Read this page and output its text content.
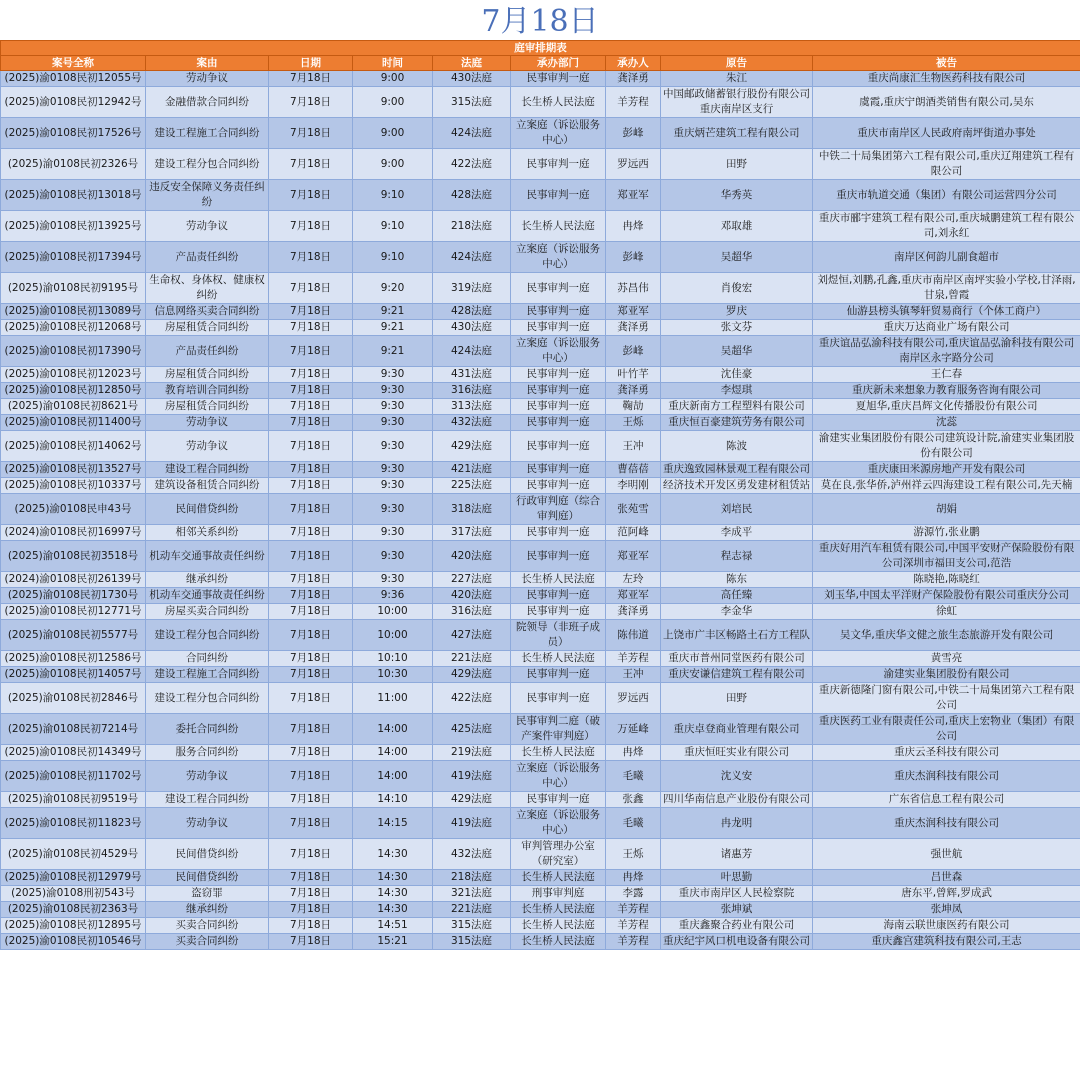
7月18日
庭审排期表								
案号全称	案由	日期	时间	法庭	承办部门	承办人	原告	被告
(2025)渝0108民初12055号	劳动争议	7月18日	9:00	430法庭	民事审判一庭	龚泽勇	朱江	重庆尚康汇生物医药科技有限公司
(2025)渝0108民初12942号	金融借款合同纠纷	7月18日	9:00	315法庭	长生桥人民法庭	羊芳程	中国邮政储蓄银行股份有限公司重庆南岸区支行	虞霞,重庆宁朗酒类销售有限公司,吴东
(2025)渝0108民初17526号	建设工程施工合同纠纷	7月18日	9:00	424法庭	立案庭（诉讼服务中心）	彭峰	重庆炳芒建筑工程有限公司	重庆市南岸区人民政府南坪街道办事处
(2025)渝0108民初2326号	建设工程分包合同纠纷	7月18日	9:00	422法庭	民事审判一庭	罗远西	田野	中铁二十局集团第六工程有限公司,重庆辽翔建筑工程有限公司
(2025)渝0108民初13018号	违反安全保障义务责任纠纷	7月18日	9:10	428法庭	民事审判一庭	郑亚军	华秀英	重庆市轨道交通（集团）有限公司运营四分公司
(2025)渝0108民初13925号	劳动争议	7月18日	9:10	218法庭	长生桥人民法庭	冉烽	邓取雄	重庆市郦宇建筑工程有限公司,重庆城鹏建筑工程有限公司,刘永红
(2025)渝0108民初17394号	产品责任纠纷	7月18日	9:10	424法庭	立案庭（诉讼服务中心）	彭峰	吴超华	南岸区何韵儿副食超市
(2025)渝0108民初9195号	生命权、身体权、健康权纠纷	7月18日	9:20	319法庭	民事审判一庭	苏昌伟	肖俊宏	刘煜恒,刘鹏,孔鑫,重庆市南岸区南坪实验小学校,甘泽雨,甘泉,曾霞
(2025)渝0108民初13089号	信息网络买卖合同纠纷	7月18日	9:21	428法庭	民事审判一庭	郑亚军	罗庆	仙游县榜头镇琴轩贸易商行（个体工商户）
(2025)渝0108民初12068号	房屋租赁合同纠纷	7月18日	9:21	430法庭	民事审判一庭	龚泽勇	张文芬	重庆万达商业广场有限公司
(2025)渝0108民初17390号	产品责任纠纷	7月18日	9:21	424法庭	立案庭（诉讼服务中心）	彭峰	吴超华	重庆谊品弘渝科技有限公司,重庆谊品弘渝科技有限公司南岸区永字路分公司
(2025)渝0108民初12023号	房屋租赁合同纠纷	7月18日	9:30	431法庭	民事审判一庭	叶竹芊	沈佳豪	王仁春
(2025)渝0108民初12850号	教育培训合同纠纷	7月18日	9:30	316法庭	民事审判一庭	龚泽勇	李煜琪	重庆新未来想象力教育服务咨询有限公司
(2025)渝0108民初8621号	房屋租赁合同纠纷	7月18日	9:30	313法庭	民事审判一庭	鞠劼	重庆新南方工程塑料有限公司	夏旭华,重庆昌辉文化传播股份有限公司
(2025)渝0108民初11400号	劳动争议	7月18日	9:30	432法庭	民事审判一庭	王烁	重庆恒百豪建筑劳务有限公司	沈蕊
(2025)渝0108民初14062号	劳动争议	7月18日	9:30	429法庭	民事审判一庭	王冲	陈波	渝建实业集团股份有限公司建筑设计院,渝建实业集团股份有限公司
(2025)渝0108民初13527号	建设工程合同纠纷	7月18日	9:30	421法庭	民事审判一庭	曹蓓蓓	重庆逸致园林景观工程有限公司	重庆康田米源房地产开发有限公司
(2025)渝0108民初10337号	建筑设备租赁合同纠纷	7月18日	9:30	225法庭	民事审判一庭	李明刚	经济技术开发区勇发建材租赁站	莫在良,张华侨,泸州祥云四海建设工程有限公司,先天楠
(2025)渝0108民申43号	民间借贷纠纷	7月18日	9:30	318法庭	行政审判庭（综合审判庭）	张苑雪	刘培民	胡娟
(2024)渝0108民初16997号	相邻关系纠纷	7月18日	9:30	317法庭	民事审判一庭	范阿峰	李成平	游源竹,张业鹏
(2025)渝0108民初3518号	机动车交通事故责任纠纷	7月18日	9:30	420法庭	民事审判一庭	郑亚军	程志禄	重庆好用汽车租赁有限公司,中国平安财产保险股份有限公司深圳市福田支公司,范浩
(2024)渝0108民初26139号	继承纠纷	7月18日	9:30	227法庭	长生桥人民法庭	左玲	陈东	陈晓艳,陈晓红
(2025)渝0108民初1730号	机动车交通事故责任纠纷	7月18日	9:36	420法庭	民事审判一庭	郑亚军	高任臻	刘玉华,中国太平洋财产保险股份有限公司重庆分公司
(2025)渝0108民初12771号	房屋买卖合同纠纷	7月18日	10:00	316法庭	民事审判一庭	龚泽勇	李金华	徐虹
(2025)渝0108民初5577号	建设工程分包合同纠纷	7月18日	10:00	427法庭	院领导（非班子成员）	陈伟道	上饶市广丰区畅路土石方工程队	吴文华,重庆华文健之旅生态旅游开发有限公司
(2025)渝0108民初12586号	合同纠纷	7月18日	10:10	221法庭	长生桥人民法庭	羊芳程	重庆市普州同堂医药有限公司	黄雪亮
(2025)渝0108民初14057号	建设工程施工合同纠纷	7月18日	10:30	429法庭	民事审判一庭	王冲	重庆安谦信建筑工程有限公司	渝建实业集团股份有限公司
(2025)渝0108民初2846号	建设工程分包合同纠纷	7月18日	11:00	422法庭	民事审判一庭	罗远西	田野	重庆新德隆门窗有限公司,中铁二十局集团第六工程有限公司
(2025)渝0108民初7214号	委托合同纠纷	7月18日	14:00	425法庭	民事审判二庭（破产案件审判庭）	万延峰	重庆卓登商业管理有限公司	重庆医药工业有限责任公司,重庆上宏物业（集团）有限公司
(2025)渝0108民初14349号	服务合同纠纷	7月18日	14:00	219法庭	长生桥人民法庭	冉烽	重庆恒旺实业有限公司	重庆云圣科技有限公司
(2025)渝0108民初11702号	劳动争议	7月18日	14:00	419法庭	立案庭（诉讼服务中心）	毛曦	沈义安	重庆杰润科技有限公司
(2025)渝0108民初9519号	建设工程合同纠纷	7月18日	14:10	429法庭	民事审判一庭	张鑫	四川华南信息产业股份有限公司	广东省信息工程有限公司
(2025)渝0108民初11823号	劳动争议	7月18日	14:15	419法庭	立案庭（诉讼服务中心）	毛曦	冉龙明	重庆杰润科技有限公司
(2025)渝0108民初4529号	民间借贷纠纷	7月18日	14:30	432法庭	审判管理办公室（研究室）	王烁	诸惠芳	强世航
(2025)渝0108民初12979号	民间借贷纠纷	7月18日	14:30	218法庭	长生桥人民法庭	冉烽	叶思勤	吕世森
(2025)渝0108刑初543号	盗窃罪	7月18日	14:30	321法庭	刑事审判庭	李露	重庆市南岸区人民检察院	唐东平,曾辉,罗成武
(2025)渝0108民初2363号	继承纠纷	7月18日	14:30	221法庭	长生桥人民法庭	羊芳程	张坤斌	张坤凤
(2025)渝0108民初12895号	买卖合同纠纷	7月18日	14:51	315法庭	长生桥人民法庭	羊芳程	重庆鑫聚合药业有限公司	海南云联世康医药有限公司
(2025)渝0108民初10546号	买卖合同纠纷	7月18日	15:21	315法庭	长生桥人民法庭	羊芳程	重庆纪宇风口机电设备有限公司	重庆鑫宫建筑科技有限公司,王志
